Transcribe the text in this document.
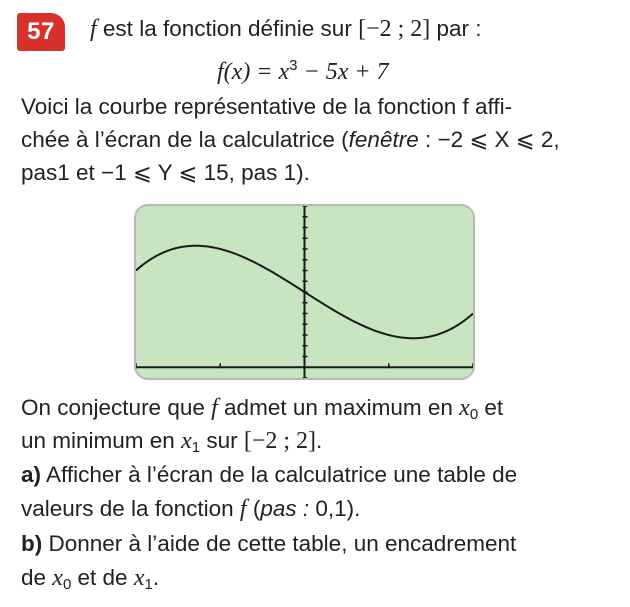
57	f est la fonction définie sur [−2 ; 2] par :
$f(x) = x^3 - 5x + 7$
Voici la courbe représentative de la fonction f affi-
chée à l’écran de la calculatrice (fenêtre : −2 ⩽ X ⩽ 2,
pas1 et −1 ⩽ Y ⩽ 15, pas 1).
On conjecture que f admet un maximum en $x_0$ et
un minimum en $x_1$ sur [−2 ; 2].
a) Afficher à l’écran de la calculatrice une table de
valeurs de la fonction f (pas : 0,1).
b) Donner à l’aide de cette table, un encadrement
de $x_0$ et de $x_1$.
